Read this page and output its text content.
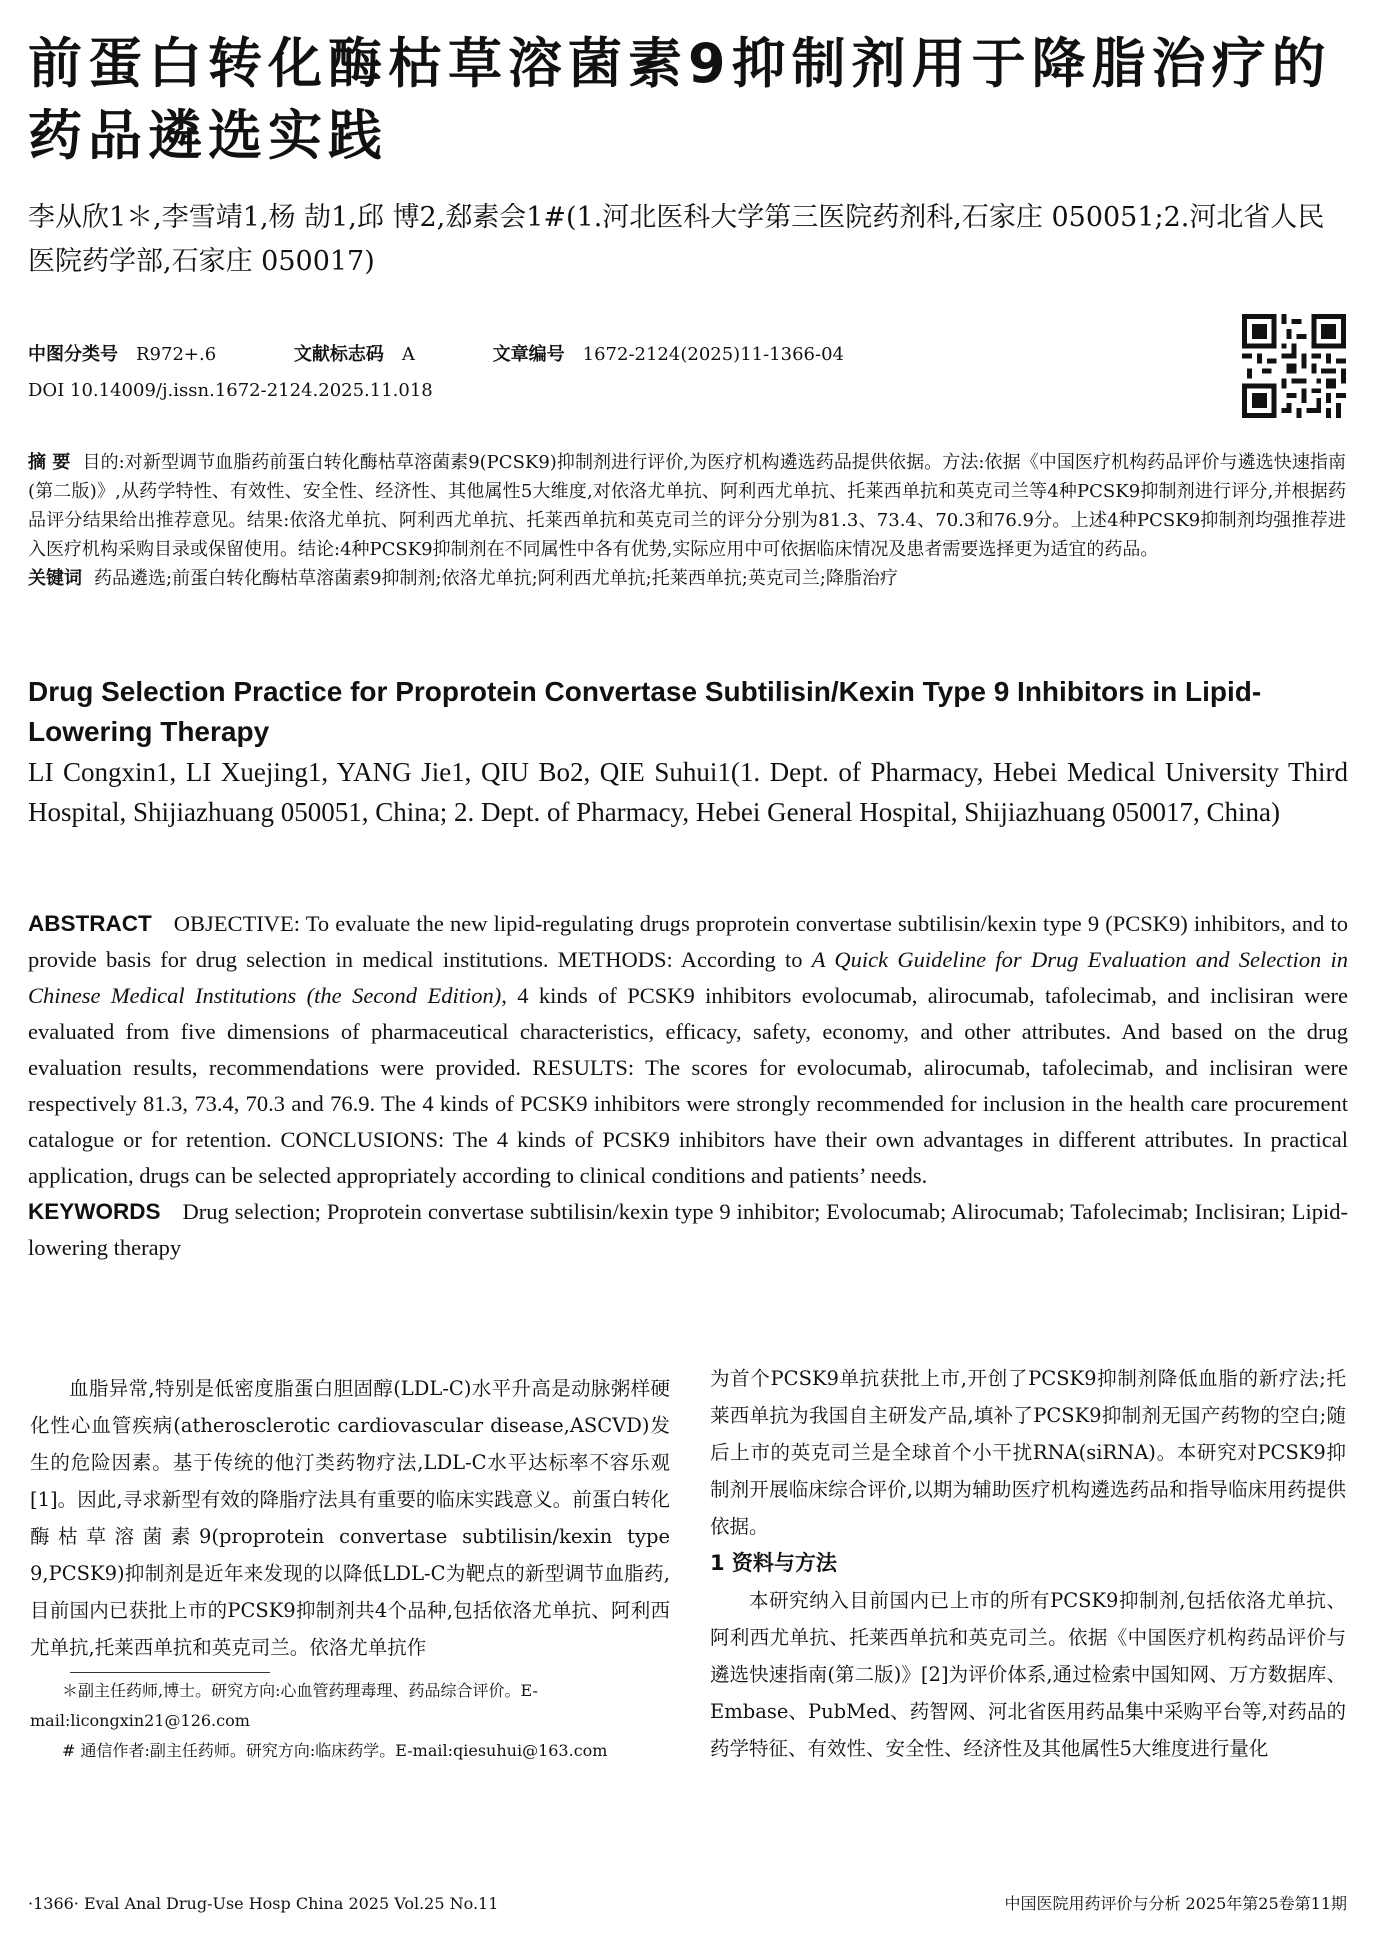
前蛋白转化酶枯草溶菌素9抑制剂用于降脂治疗的药品遴选实践
李从欣1＊,李雪靖1,杨 劼1,邱 博2,郄素会1#(1.河北医科大学第三医院药剂科,石家庄 050051;2.河北省人民医院药学部,石家庄 050017)
中图分类号 R972+.6	文献标志码 A	文章编号 1672-2124(2025)11-1366-04
DOI 10.14009/j.issn.1672-2124.2025.11.018
摘 要 目的:对新型调节血脂药前蛋白转化酶枯草溶菌素9(PCSK9)抑制剂进行评价,为医疗机构遴选药品提供依据。方法:依据《中国医疗机构药品评价与遴选快速指南(第二版)》,从药学特性、有效性、安全性、经济性、其他属性5大维度,对依洛尤单抗、阿利西尤单抗、托莱西单抗和英克司兰等4种PCSK9抑制剂进行评分,并根据药品评分结果给出推荐意见。结果:依洛尤单抗、阿利西尤单抗、托莱西单抗和英克司兰的评分分别为81.3、73.4、70.3和76.9分。上述4种PCSK9抑制剂均强推荐进入医疗机构采购目录或保留使用。结论:4种PCSK9抑制剂在不同属性中各有优势,实际应用中可依据临床情况及患者需要选择更为适宜的药品。
关键词 药品遴选;前蛋白转化酶枯草溶菌素9抑制剂;依洛尤单抗;阿利西尤单抗;托莱西单抗;英克司兰;降脂治疗
Drug Selection Practice for Proprotein Convertase Subtilisin/Kexin Type 9 Inhibitors in Lipid-Lowering Therapy
LI Congxin1, LI Xuejing1, YANG Jie1, QIU Bo2, QIE Suhui1(1. Dept. of Pharmacy, Hebei Medical University Third Hospital, Shijiazhuang 050051, China; 2. Dept. of Pharmacy, Hebei General Hospital, Shijiazhuang 050017, China)
ABSTRACT OBJECTIVE: To evaluate the new lipid-regulating drugs proprotein convertase subtilisin/kexin type 9 (PCSK9) inhibitors, and to provide basis for drug selection in medical institutions. METHODS: According to A Quick Guideline for Drug Evaluation and Selection in Chinese Medical Institutions (the Second Edition), 4 kinds of PCSK9 inhibitors evolocumab, alirocumab, tafolecimab, and inclisiran were evaluated from five dimensions of pharmaceutical characteristics, efficacy, safety, economy, and other attributes. And based on the drug evaluation results, recommendations were provided. RESULTS: The scores for evolocumab, alirocumab, tafolecimab, and inclisiran were respectively 81.3, 73.4, 70.3 and 76.9. The 4 kinds of PCSK9 inhibitors were strongly recommended for inclusion in the health care procurement catalogue or for retention. CONCLUSIONS: The 4 kinds of PCSK9 inhibitors have their own advantages in different attributes. In practical application, drugs can be selected appropriately according to clinical conditions and patients’ needs.
KEYWORDS Drug selection; Proprotein convertase subtilisin/kexin type 9 inhibitor; Evolocumab; Alirocumab; Tafolecimab; Inclisiran; Lipid-lowering therapy
血脂异常,特别是低密度脂蛋白胆固醇(LDL-C)水平升高是动脉粥样硬化性心血管疾病(atherosclerotic cardiovascular disease,ASCVD)发生的危险因素。基于传统的他汀类药物疗法,LDL-C水平达标率不容乐观[1]。因此,寻求新型有效的降脂疗法具有重要的临床实践意义。前蛋白转化酶枯草溶菌素9(proprotein convertase subtilisin/kexin type 9,PCSK9)抑制剂是近年来发现的以降低LDL-C为靶点的新型调节血脂药,目前国内已获批上市的PCSK9抑制剂共4个品种,包括依洛尤单抗、阿利西尤单抗,托莱西单抗和英克司兰。依洛尤单抗作
为首个PCSK9单抗获批上市,开创了PCSK9抑制剂降低血脂的新疗法;托莱西单抗为我国自主研发产品,填补了PCSK9抑制剂无国产药物的空白;随后上市的英克司兰是全球首个小干扰RNA(siRNA)。本研究对PCSK9抑制剂开展临床综合评价,以期为辅助医疗机构遴选药品和指导临床用药提供依据。
1 资料与方法
本研究纳入目前国内已上市的所有PCSK9抑制剂,包括依洛尤单抗、阿利西尤单抗、托莱西单抗和英克司兰。依据《中国医疗机构药品评价与遴选快速指南(第二版)》[2]为评价体系,通过检索中国知网、万方数据库、Embase、PubMed、药智网、河北省医用药品集中采购平台等,对药品的药学特征、有效性、安全性、经济性及其他属性5大维度进行量化
＊副主任药师,博士。研究方向:心血管药理毒理、药品综合评价。E-mail:licongxin21@126.com
# 通信作者:副主任药师。研究方向:临床药学。E-mail:qiesuhui@163.com
·1366· Eval Anal Drug-Use Hosp China 2025 Vol.25 No.11	中国医院用药评价与分析 2025年第25卷第11期
